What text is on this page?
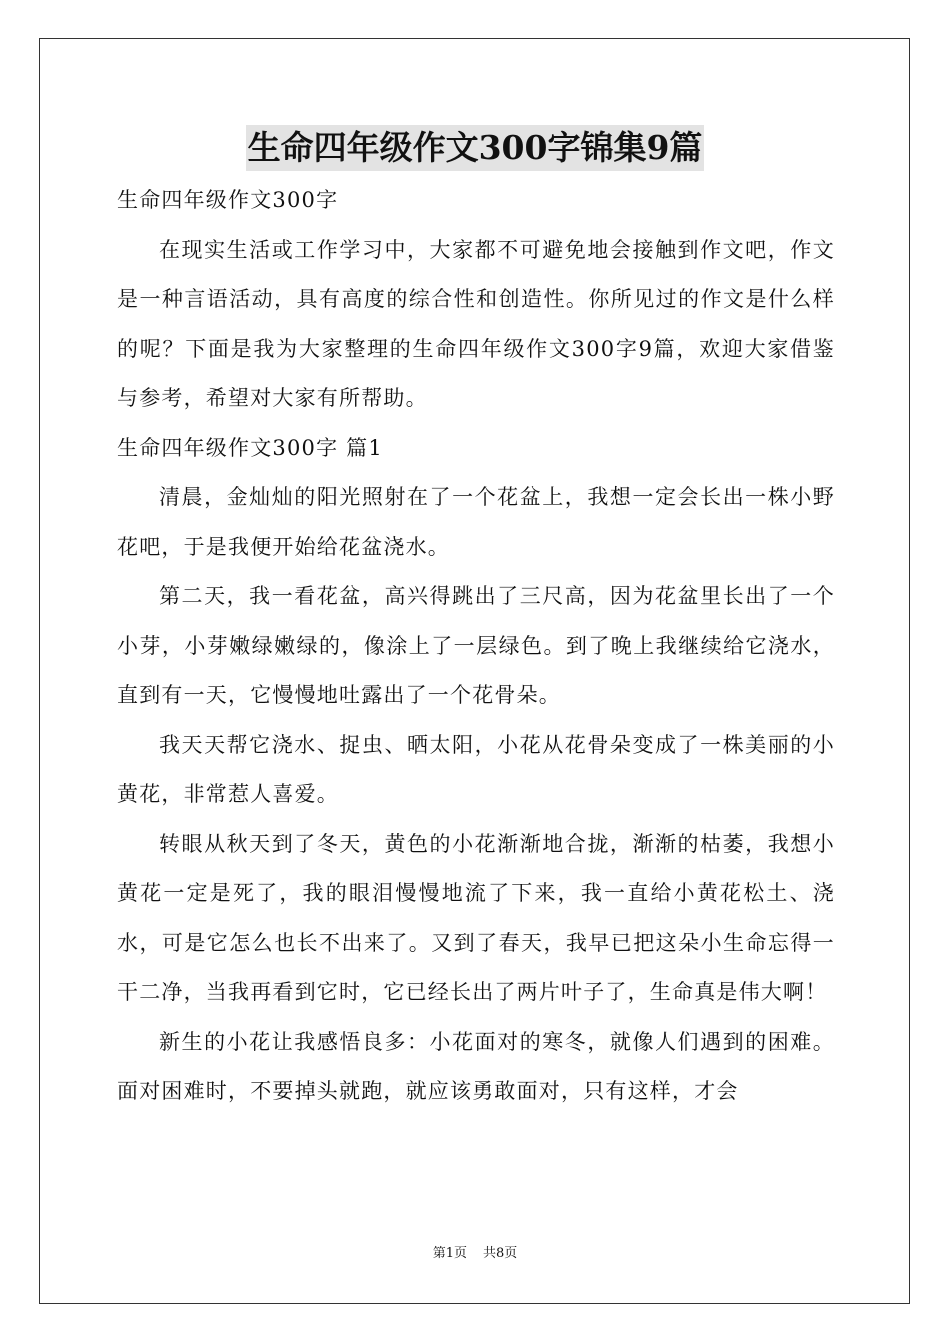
生命四年级作文300字锦集9篇

生命四年级作文300字

在现实生活或工作学习中，大家都不可避免地会接触到作文吧，作文是一种言语活动，具有高度的综合性和创造性。你所见过的作文是什么样的呢？下面是我为大家整理的生命四年级作文300字9篇，欢迎大家借鉴与参考，希望对大家有所帮助。

生命四年级作文300字 篇1

清晨，金灿灿的阳光照射在了一个花盆上，我想一定会长出一株小野花吧，于是我便开始给花盆浇水。

第二天，我一看花盆，高兴得跳出了三尺高，因为花盆里长出了一个小芽，小芽嫩绿嫩绿的，像涂上了一层绿色。到了晚上我继续给它浇水，直到有一天，它慢慢地吐露出了一个花骨朵。

我天天帮它浇水、捉虫、晒太阳，小花从花骨朵变成了一株美丽的小黄花，非常惹人喜爱。

转眼从秋天到了冬天，黄色的小花渐渐地合拢，渐渐的枯萎，我想小黄花一定是死了，我的眼泪慢慢地流了下来，我一直给小黄花松土、浇水，可是它怎么也长不出来了。又到了春天，我早已把这朵小生命忘得一干二净，当我再看到它时，它已经长出了两片叶子了，生命真是伟大啊！

新生的小花让我感悟良多：小花面对的寒冬，就像人们遇到的困难。面对困难时，不要掉头就跑，就应该勇敢面对，只有这样，才会

第1页 共8页
